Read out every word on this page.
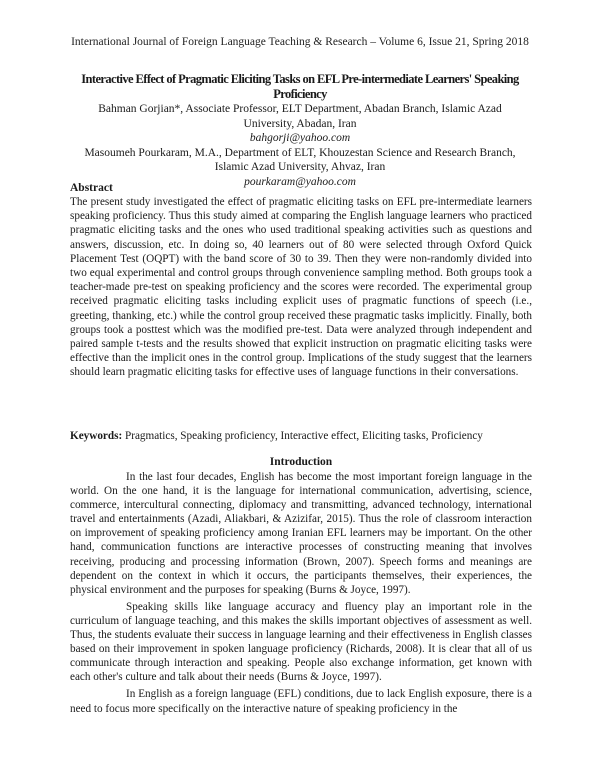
International Journal of Foreign Language Teaching & Research – Volume 6, Issue 21, Spring 2018

Interactive Effect of Pragmatic Eliciting Tasks on EFL Pre-intermediate Learners' Speaking Proficiency

Bahman Gorjian*, Associate Professor, ELT Department, Abadan Branch, Islamic Azad University, Abadan, Iran

bahgorji@yahoo.com

Masoumeh Pourkaram, M.A., Department of ELT, Khouzestan Science and Research Branch, Islamic Azad University, Ahvaz, Iran

pourkaram@yahoo.com

Abstract

The present study investigated the effect of pragmatic eliciting tasks on EFL pre-intermediate learners speaking proficiency. Thus this study aimed at comparing the English language learners who practiced pragmatic eliciting tasks and the ones who used traditional speaking activities such as questions and answers, discussion, etc. In doing so, 40 learners out of 80 were selected through Oxford Quick Placement Test (OQPT) with the band score of 30 to 39. Then they were non-randomly divided into two equal experimental and control groups through convenience sampling method. Both groups took a teacher-made pre-test on speaking proficiency and the scores were recorded. The experimental group received pragmatic eliciting tasks including explicit uses of pragmatic functions of speech (i.e., greeting, thanking, etc.) while the control group received these pragmatic tasks implicitly. Finally, both groups took a posttest which was the modified pre-test. Data were analyzed through independent and paired sample t-tests and the results showed that explicit instruction on pragmatic eliciting tasks were effective than the implicit ones in the control group. Implications of the study suggest that the learners should learn pragmatic eliciting tasks for effective uses of language functions in their conversations.

Keywords: Pragmatics, Speaking proficiency, Interactive effect, Eliciting tasks, Proficiency

Introduction

In the last four decades, English has become the most important foreign language in the world. On the one hand, it is the language for international communication, advertising, science, commerce, intercultural connecting, diplomacy and transmitting, advanced technology, international travel and entertainments (Azadi, Aliakbari, & Azizifar, 2015). Thus the role of classroom interaction on improvement of speaking proficiency among Iranian EFL learners may be important. On the other hand, communication functions are interactive processes of constructing meaning that involves receiving, producing and processing information (Brown, 2007). Speech forms and meanings are dependent on the context in which it occurs, the participants themselves, their experiences, the physical environment and the purposes for speaking (Burns & Joyce, 1997).

Speaking skills like language accuracy and fluency play an important role in the curriculum of language teaching, and this makes the skills important objectives of assessment as well. Thus, the students evaluate their success in language learning and their effectiveness in English classes based on their improvement in spoken language proficiency (Richards, 2008). It is clear that all of us communicate through interaction and speaking. People also exchange information, get known with each other's culture and talk about their needs (Burns & Joyce, 1997).

In English as a foreign language (EFL) conditions, due to lack English exposure, there is a need to focus more specifically on the interactive nature of speaking proficiency in the
